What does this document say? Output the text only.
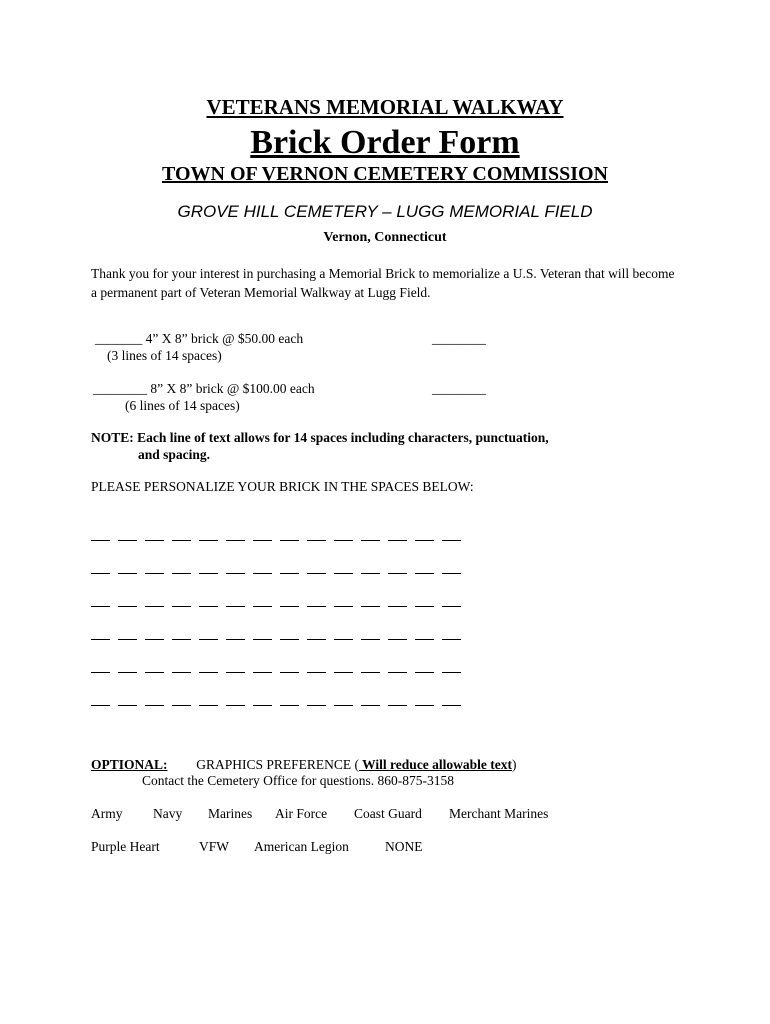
VETERANS MEMORIAL WALKWAY
Brick Order Form
TOWN OF VERNON CEMETERY COMMISSION
GROVE HILL CEMETERY – LUGG MEMORIAL FIELD
Vernon, Connecticut
Thank you for your interest in purchasing a Memorial Brick to memorialize a U.S. Veteran that will become a permanent part of Veteran Memorial Walkway at Lugg Field.
_______ 4” X 8” brick @ $50.00 each
(3 lines of 14 spaces)
________
________ 8” X 8” brick @ $100.00 each
(6 lines of 14 spaces)
________
NOTE: Each line of text allows for 14 spaces including characters, punctuation,
and spacing.
PLEASE PERSONALIZE YOUR BRICK IN THE SPACES BELOW:
OPTIONAL: GRAPHICS PREFERENCE ( Will reduce allowable text)
Contact the Cemetery Office for questions. 860-875-3158
Army Navy Marines Air Force Coast Guard Merchant Marines
Purple Heart	VFW American Legion	NONE
